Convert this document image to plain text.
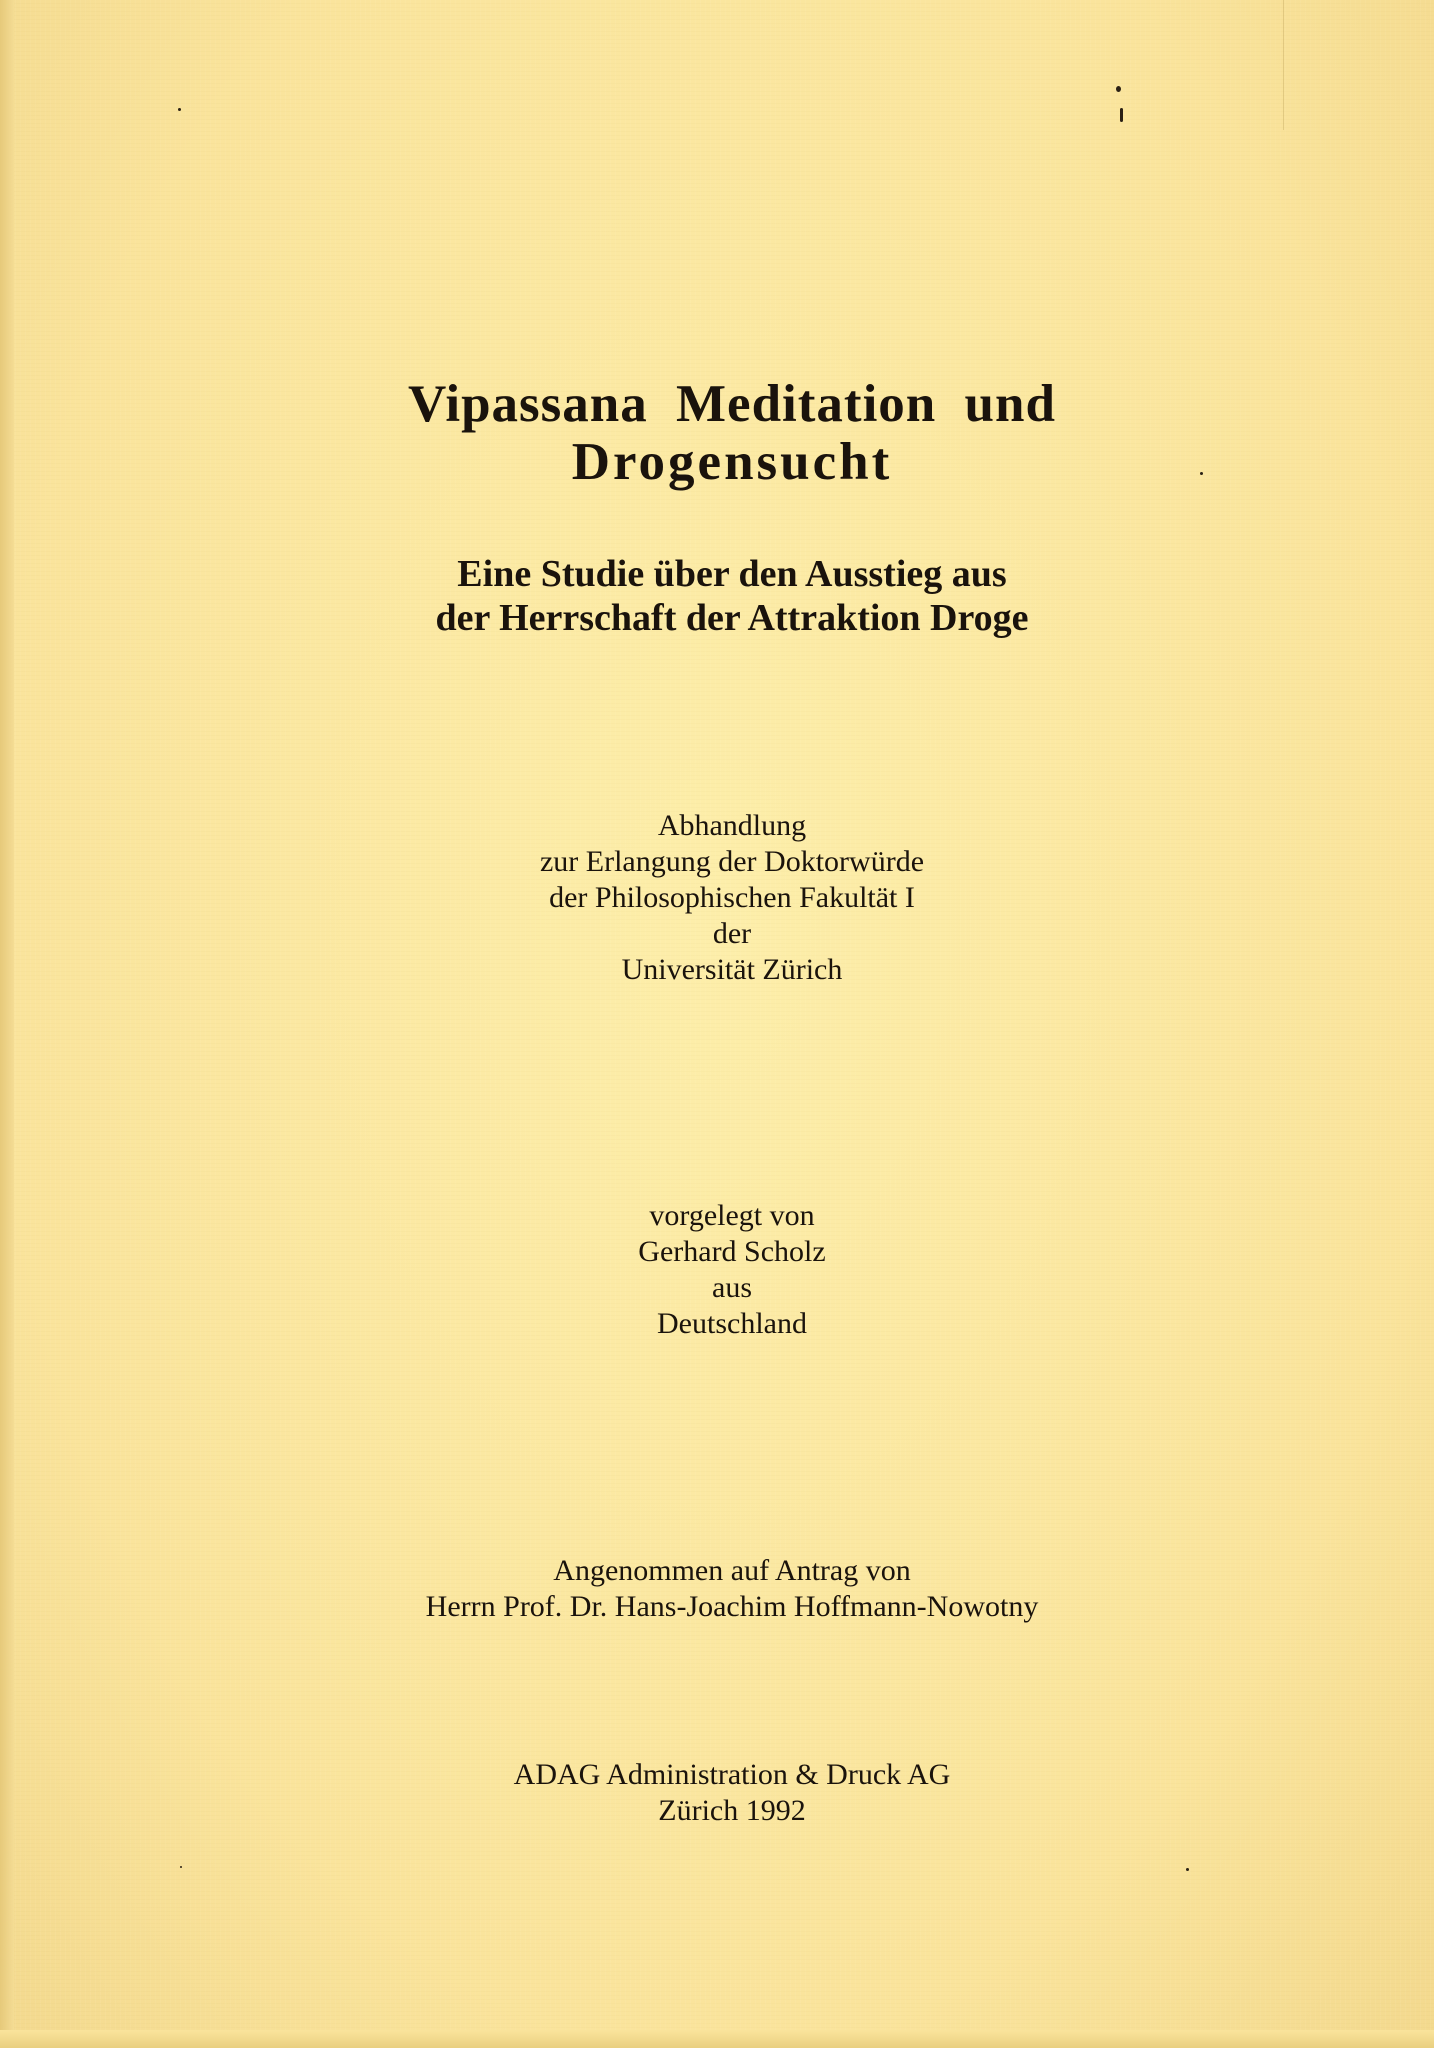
Vipassana Meditation und
Drogensucht
Eine Studie über den Ausstieg aus
der Herrschaft der Attraktion Droge
Abhandlung
zur Erlangung der Doktorwürde
der Philosophischen Fakultät I
der
Universität Zürich
vorgelegt von
Gerhard Scholz
aus
Deutschland
Angenommen auf Antrag von
Herrn Prof. Dr. Hans-Joachim Hoffmann-Nowotny
ADAG Administration & Druck AG
Zürich 1992
